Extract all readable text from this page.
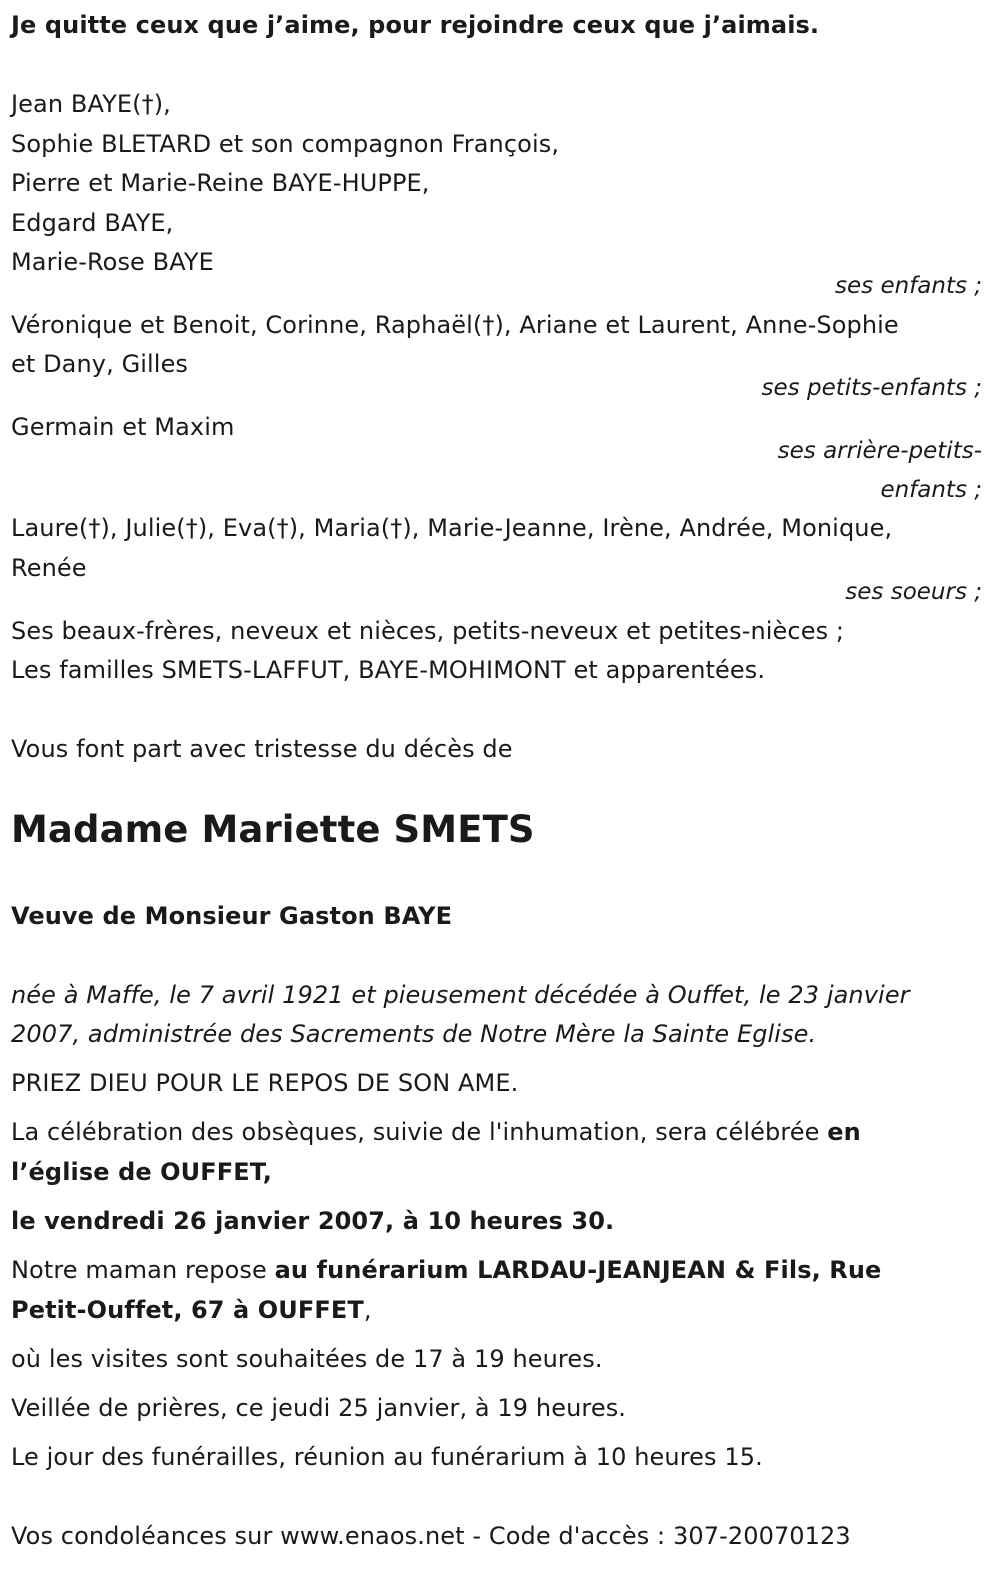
Je quitte ceux que j’aime, pour rejoindre ceux que j’aimais.
Jean BAYE(†),
Sophie BLETARD et son compagnon François,
Pierre et Marie-Reine BAYE-HUPPE,
Edgard BAYE,
Marie-Rose BAYE
ses enfants ;
Véronique et Benoit, Corinne, Raphaël(†), Ariane et Laurent, Anne-Sophie
et Dany, Gilles
ses petits-enfants ;
Germain et Maxim
ses arrière-petits-
enfants ;
Laure(†), Julie(†), Eva(†), Maria(†), Marie-Jeanne, Irène, Andrée, Monique,
Renée
ses soeurs ;
Ses beaux-frères, neveux et nièces, petits-neveux et petites-nièces ;
Les familles SMETS-LAFFUT, BAYE-MOHIMONT et apparentées.
Vous font part avec tristesse du décès de
Madame Mariette SMETS
Veuve de Monsieur Gaston BAYE
née à Maffe, le 7 avril 1921 et pieusement décédée à Ouffet, le 23 janvier
2007, administrée des Sacrements de Notre Mère la Sainte Eglise.
PRIEZ DIEU POUR LE REPOS DE SON AME.
La célébration des obsèques, suivie de l'inhumation, sera célébrée en
l’église de OUFFET,
le vendredi 26 janvier 2007, à 10 heures 30.
Notre maman repose au funérarium LARDAU-JEANJEAN & Fils, Rue
Petit-Ouffet, 67 à OUFFET,
où les visites sont souhaitées de 17 à 19 heures.
Veillée de prières, ce jeudi 25 janvier, à 19 heures.
Le jour des funérailles, réunion au funérarium à 10 heures 15.
Vos condoléances sur www.enaos.net - Code d'accès : 307-20070123
